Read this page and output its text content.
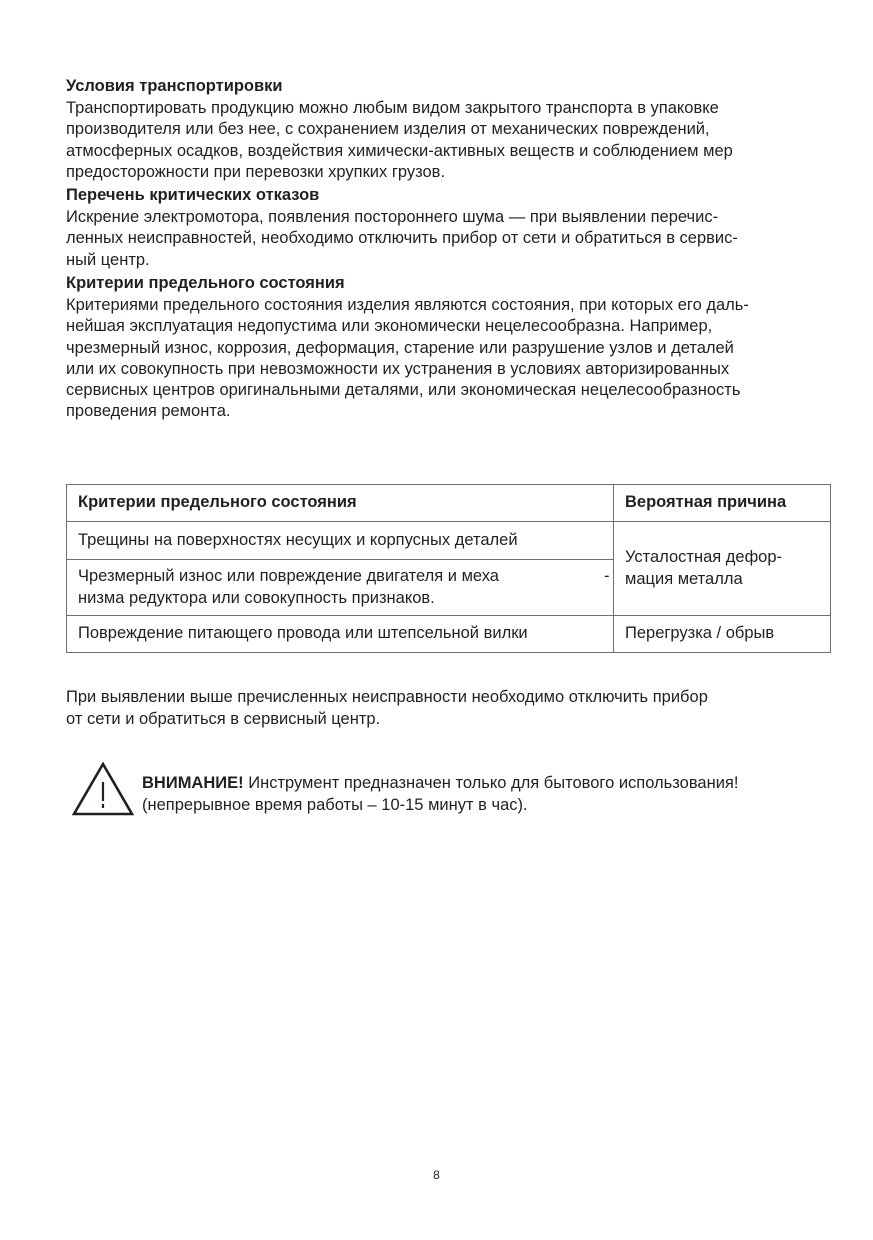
Условия транспортировки
Транспортировать продукцию можно любым видом закрытого транспорта в упаковке
производителя или без нее, с сохранением изделия от механических повреждений,
атмосферных осадков, воздействия химически-активных веществ и соблюдением мер
предосторожности при перевозки хрупких грузов.
Перечень критических отказов
Искрение электромотора, появления постороннего шума — при выявлении перечис-
ленных неисправностей, необходимо отключить прибор от сети и обратиться в сервис-
ный центр.
Критерии предельного состояния
Критериями предельного состояния изделия являются состояния, при которых его даль-
нейшая эксплуатация недопустима или экономически нецелесообразна. Например,
чрезмерный износ, коррозия, деформация, старение или разрушение узлов и деталей
или их совокупность при невозможности их устранения в условиях авторизированных
сервисных центров оригинальными деталями, или экономическая нецелесообразность
проведения ремонта.
Критерии предельного состояния	Вероятная причина

Трещины на поверхностях несущих и корпусных деталей	Усталостная дефор-
мация металла

Чрезмерный износ или повреждение двигателя и меха -
низма редуктора или совокупность признаков.	

Повреждение питающего провода или штепсельной вилки	Перегрузка / обрыв
При выявлении выше пречисленных неисправности необходимо отключить прибор
от сети и обратиться в сервисный центр.
ВНИМАНИЕ! Инструмент предназначен только для бытового использования!
(непрерывное время работы – 10-15 минут в час).
8
